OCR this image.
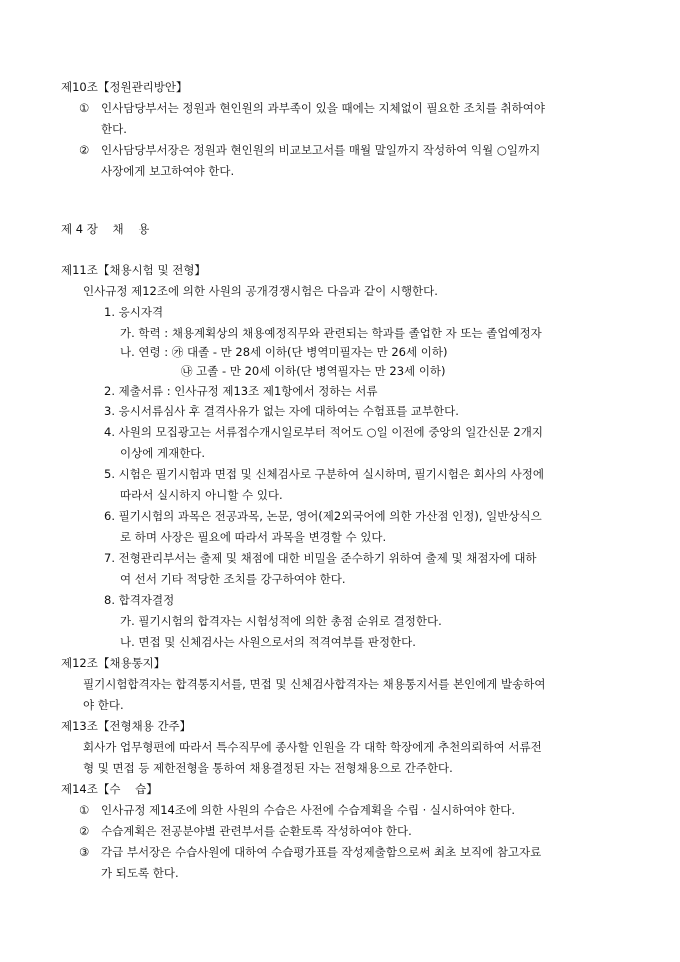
제10조【정원관리방안】
① 인사담당부서는 정원과 현인원의 과부족이 있을 때에는 지체없이 필요한 조치를 취하여야
한다.
② 인사담당부서장은 정원과 현인원의 비교보고서를 매월 말일까지 작성하여 익월 ○일까지
사장에게 보고하여야 한다.
제 4 장    채    용
제11조【채용시험 및 전형】
인사규정 제12조에 의한 사원의 공개경쟁시험은 다음과 같이 시행한다.
1. 응시자격
가. 학력 : 채용계획상의 채용예정직무와 관련되는 학과를 졸업한 자 또는 졸업예정자
나. 연령 : ㉮ 대졸 - 만 28세 이하(단 병역미필자는 만 26세 이하)
㉯ 고졸 - 만 20세 이하(단 병역필자는 만 23세 이하)
2. 제출서류 : 인사규정 제13조 제1항에서 정하는 서류
3. 응시서류심사 후 결격사유가 없는 자에 대하여는 수험표를 교부한다.
4. 사원의 모집광고는 서류접수개시일로부터 적어도 ○일 이전에 중앙의 일간신문 2개지
이상에 게재한다.
5. 시험은 필기시험과 면접 및 신체검사로 구분하여 실시하며, 필기시험은 회사의 사정에
따라서 실시하지 아니할 수 있다.
6. 필기시험의 과목은 전공과목, 논문, 영어(제2외국어에 의한 가산점 인정), 일반상식으
로 하며 사장은 필요에 따라서 과목을 변경할 수 있다.
7. 전형관리부서는 출제 및 채점에 대한 비밀을 준수하기 위하여 출제 및 채점자에 대하
여 선서 기타 적당한 조치를 강구하여야 한다.
8. 합격자결정
가. 필기시험의 합격자는 시험성적에 의한 총점 순위로 결정한다.
나. 면접 및 신체검사는 사원으로서의 적격여부를 판정한다.
제12조【채용통지】
필기시험합격자는 합격통지서를, 면접 및 신체검사합격자는 채용통지서를 본인에게 발송하여
야 한다.
제13조【전형채용 간주】
회사가 업무형편에 따라서 특수직무에 종사할 인원을 각 대학 학장에게 추천의뢰하여 서류전
형 및 면접 등 제한전형을 통하여 채용결정된 자는 전형채용으로 간주한다.
제14조【수    습】
① 인사규정 제14조에 의한 사원의 수습은 사전에 수습계획을 수립 · 실시하여야 한다.
② 수습계획은 전공분야별 관련부서를 순환토록 작성하여야 한다.
③ 각급 부서장은 수습사원에 대하여 수습평가표를 작성제출함으로써 최초 보직에 참고자료
가 되도록 한다.
